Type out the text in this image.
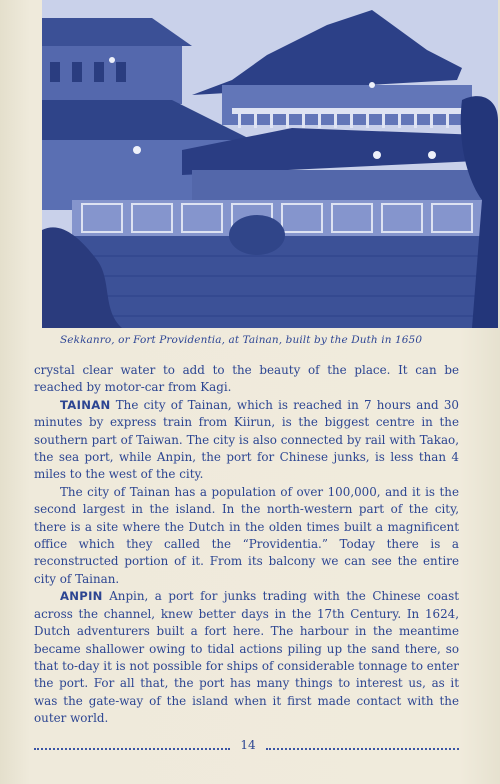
Sekkanro, or Fort Providentia, at Tainan, built by the Duth in 1650

crystal clear water to add to the beauty of the place. It can be reached by motor-car from Kagi.

TAINAN The city of Tainan, which is reached in 7 hours and 30 minutes by express train from Kiirun, is the biggest centre in the southern part of Taiwan. The city is also connected by rail with Takao, the sea port, while Anpin, the port for Chinese junks, is less than 4 miles to the west of the city.

The city of Tainan has a population of over 100,000, and it is the second largest in the island. In the north-western part of the city, there is a site where the Dutch in the olden times built a magnificent office which they called the “Providentia.” Today there is a reconstructed portion of it. From its balcony we can see the entire city of Tainan.

ANPIN Anpin, a port for junks trading with the Chinese coast across the channel, knew better days in the 17th Century. In 1624, Dutch adventurers built a fort here. The harbour in the meantime became shallower owing to tidal actions piling up the sand there, so that to-day it is not possible for ships of considerable tonnage to enter the port. For all that, the port has many things to interest us, as it was the gate-way of the island when it first made contact with the outer world.

14
